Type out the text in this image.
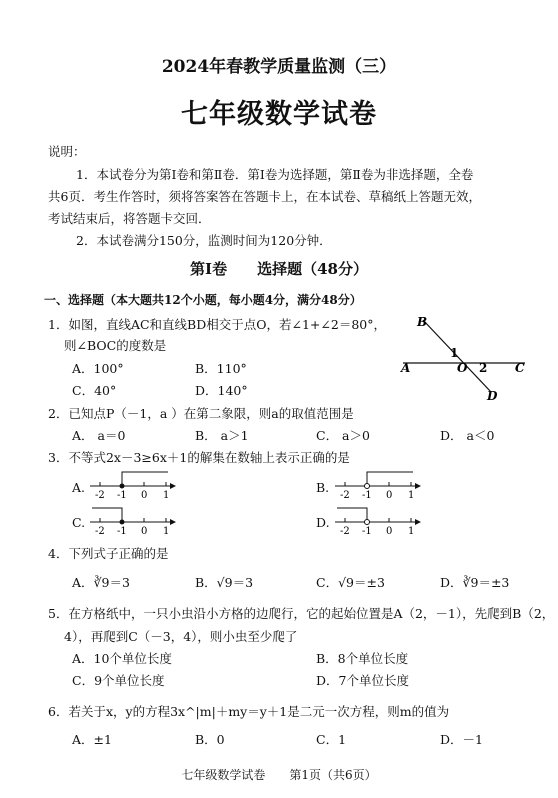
2024年春教学质量监测（三）
七年级数学试卷
说明：
1．本试卷分为第Ⅰ卷和第Ⅱ卷．第Ⅰ卷为选择题，第Ⅱ卷为非选择题，全卷
共6页．考生作答时，须将答案答在答题卡上，在本试卷、草稿纸上答题无效，
考试结束后，将答题卡交回．
2．本试卷满分150分，监测时间为120分钟．
第Ⅰ卷　　选择题（48分）
一、选择题（本大题共12个小题，每小题4分，满分48分）
1．如图，直线AC和直线BD相交于点O，若∠1+∠2＝80°，
则∠BOC的度数是
A．100°	B．110°
C．40°	D．140°
B
A	O 2
1
C
D
2．已知点P（－1，a ）在第二象限，则a的取值范围是
A． a＝0	B． a＞1	C． a＞0	D． a＜0
3．不等式2x－3≥6x＋1的解集在数轴上表示正确的是
A.	B.
C.	D.
-2 -1 0 1	-2 -1 0 1
-2 -1 0 1	-2 -1 0 1
4．下列式子正确的是
A．∛9＝3	B．√9＝3	C．√9＝±3	D．∛9＝±3
5．在方格纸中，一只小虫沿小方格的边爬行，它的起始位置是A（2，－1），先爬到B（2，
4），再爬到C（－3，4），则小虫至少爬了
A．10个单位长度	B．8个单位长度
C．9个单位长度	D．7个单位长度
6．若关于x，y的方程3x^|m|＋my＝y＋1是二元一次方程，则m的值为
A．±1	B．0	C．1	D．－1
七年级数学试卷　　第1页（共6页）
